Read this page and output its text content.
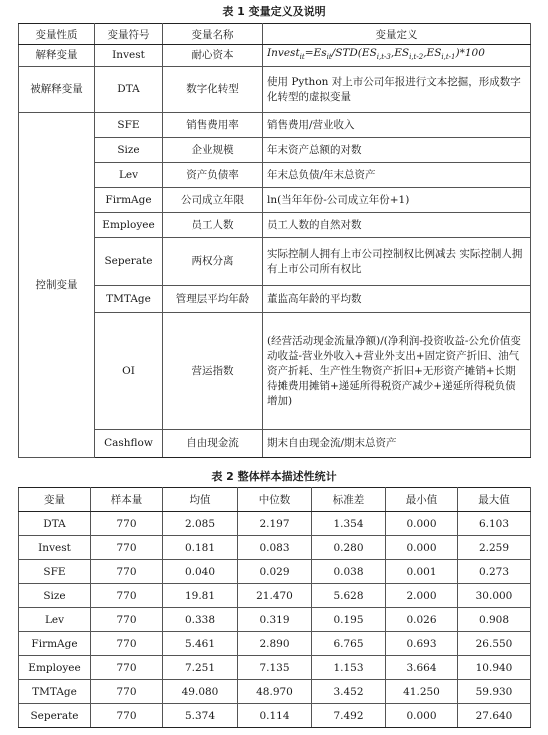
表 1 变量定义及说明
变量性质	变量符号	变量名称	变量定义
解释变量	Invest	耐心资本	$Invest_{it}=Es_{it}/STD(ES_{i,t-3},ES_{i,t-2},ES_{i,t-1})*100$
被解释变量	DTA	数字化转型	使用 Python 对上市公司年报进行文本挖掘，形成数字化转型的虚拟变量
控制变量	SFE	销售费用率	销售费用/营业收入
	Size	企业规模	年末资产总额的对数
	Lev	资产负债率	年末总负债/年末总资产
	FirmAge	公司成立年限	ln(当年年份-公司成立年份+1)
	Employee	员工人数	员工人数的自然对数
	Seperate	两权分离	实际控制人拥有上市公司控制权比例减去 实际控制人拥有上市公司所有权比
	TMTAge	管理层平均年龄	董监高年龄的平均数
	OI	营运指数	(经营活动现金流量净额)/(净利润-投资收益-公允价值变动收益-营业外收入+营业外支出+固定资产折旧、油气资产折耗、生产性生物资产折旧+无形资产摊销+长期待摊费用摊销+递延所得税资产减少+递延所得税负债增加)
	Cashflow	自由现金流	期末自由现金流/期末总资产
表 2 整体样本描述性统计
变量	样本量	均值	中位数	标准差	最小值	最大值
DTA	770	2.085	2.197	1.354	0.000	6.103
Invest	770	0.181	0.083	0.280	0.000	2.259
SFE	770	0.040	0.029	0.038	0.001	0.273
Size	770	19.81	21.470	5.628	2.000	30.000
Lev	770	0.338	0.319	0.195	0.026	0.908
FirmAge	770	5.461	2.890	6.765	0.693	26.550
Employee	770	7.251	7.135	1.153	3.664	10.940
TMTAge	770	49.080	48.970	3.452	41.250	59.930
Seperate	770	5.374	0.114	7.492	0.000	27.640
